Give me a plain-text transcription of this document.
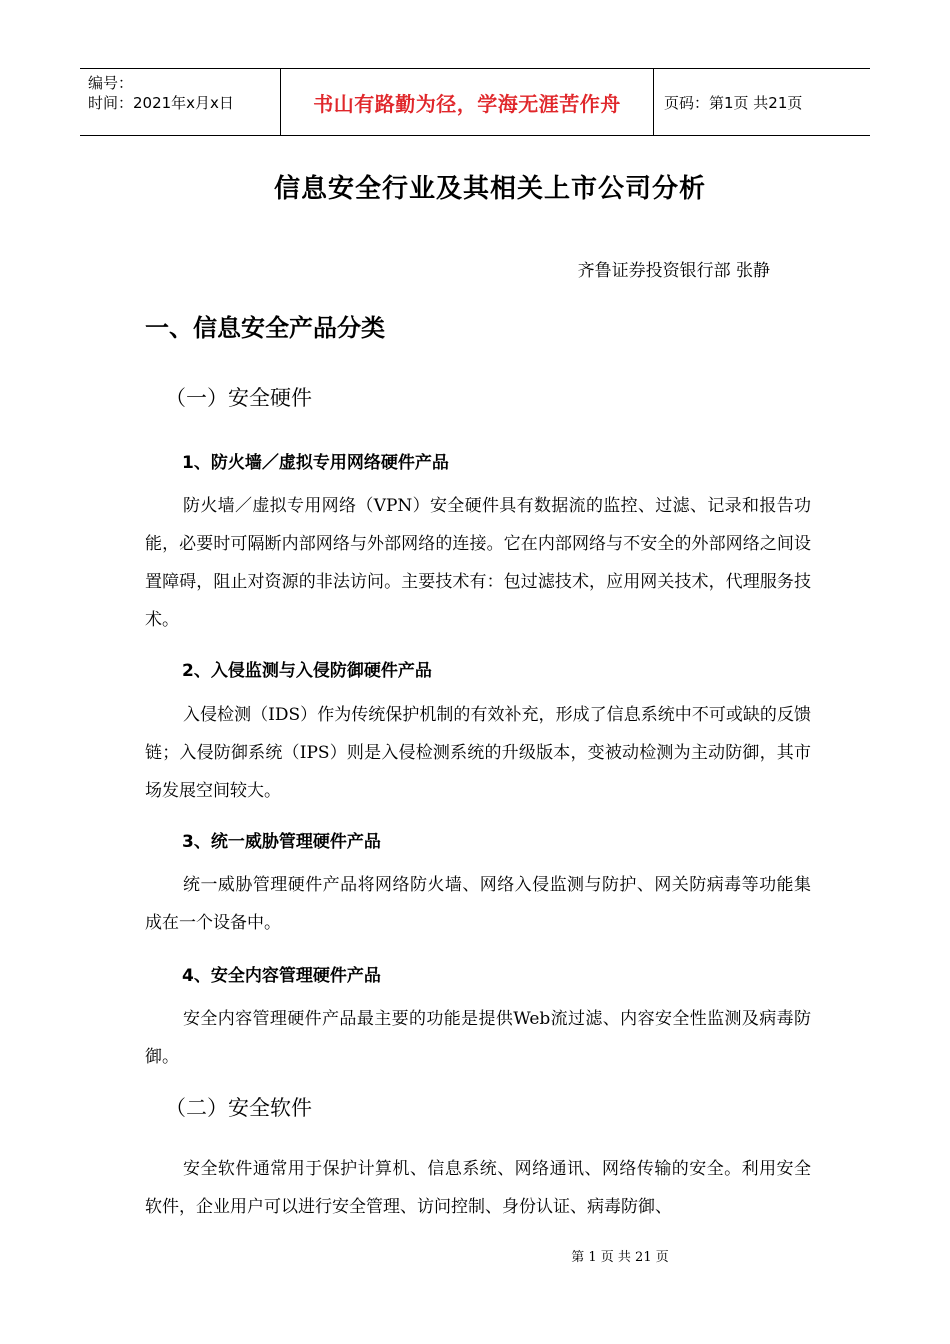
编号：
时间：2021年x月x日	书山有路勤为径，学海无涯苦作舟	页码：第1页 共21页
信息安全行业及其相关上市公司分析
齐鲁证券投资银行部 张静
一、信息安全产品分类
（一）安全硬件
1、防火墙／虚拟专用网络硬件产品
防火墙／虚拟专用网络（VPN）安全硬件具有数据流的监控、过滤、记录和报告功能，必要时可隔断内部网络与外部网络的连接。它在内部网络与不安全的外部网络之间设置障碍，阻止对资源的非法访问。主要技术有：包过滤技术，应用网关技术，代理服务技术。
2、入侵监测与入侵防御硬件产品
入侵检测（IDS）作为传统保护机制的有效补充，形成了信息系统中不可或缺的反馈链；入侵防御系统（IPS）则是入侵检测系统的升级版本，变被动检测为主动防御，其市场发展空间较大。
3、统一威胁管理硬件产品
统一威胁管理硬件产品将网络防火墙、网络入侵监测与防护、网关防病毒等功能集成在一个设备中。
4、安全内容管理硬件产品
安全内容管理硬件产品最主要的功能是提供Web流过滤、内容安全性监测及病毒防御。
（二）安全软件
安全软件通常用于保护计算机、信息系统、网络通讯、网络传输的安全。利用安全软件，企业用户可以进行安全管理、访问控制、身份认证、病毒防御、
第 1 页 共 21 页
